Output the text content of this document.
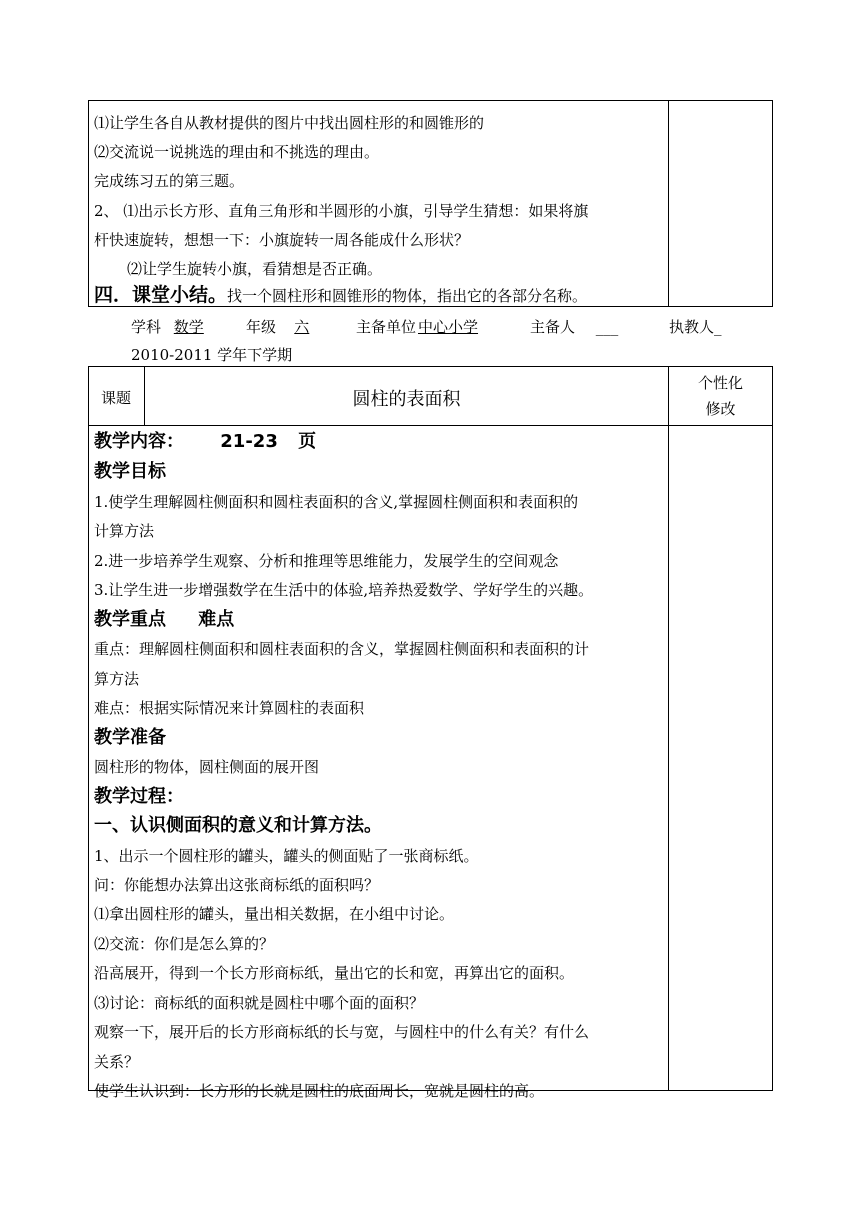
⑴让学生各自从教材提供的图片中找出圆柱形的和圆锥形的
⑵交流说一说挑选的理由和不挑选的理由。
完成练习五的第三题。
2、 ⑴出示长方形、直角三角形和半圆形的小旗，引导学生猜想：如果将旗
杆快速旋转，想想一下：小旗旋转一周各能成什么形状？
⑵让学生旋转小旗，看猜想是否正确。
四．课堂小结。找一个圆柱形和圆锥形的物体，指出它的各部分名称。
学科 数学	年级 六	主备单位 中心小学	主备人 ___	执教人_
2010-2011 学年下学期
课题	圆柱的表面积
个性化
修改
教学内容： 21-23 页
教学目标
1.使学生理解圆柱侧面积和圆柱表面积的含义,掌握圆柱侧面积和表面积的
计算方法
2.进一步培养学生观察、分析和推理等思维能力，发展学生的空间观念
3.让学生进一步增强数学在生活中的体验,培养热爱数学、学好学生的兴趣。
教学重点 难点
重点：理解圆柱侧面积和圆柱表面积的含义，掌握圆柱侧面积和表面积的计
算方法
难点：根据实际情况来计算圆柱的表面积
教学准备
圆柱形的物体，圆柱侧面的展开图
教学过程：
一、认识侧面积的意义和计算方法。
1、出示一个圆柱形的罐头，罐头的侧面贴了一张商标纸。
问：你能想办法算出这张商标纸的面积吗？
⑴拿出圆柱形的罐头，量出相关数据，在小组中讨论。
⑵交流：你们是怎么算的？
沿高展开，得到一个长方形商标纸，量出它的长和宽，再算出它的面积。
⑶讨论：商标纸的面积就是圆柱中哪个面的面积？
观察一下，展开后的长方形商标纸的长与宽，与圆柱中的什么有关？有什么
关系？
使学生认识到：长方形的长就是圆柱的底面周长，宽就是圆柱的高。
